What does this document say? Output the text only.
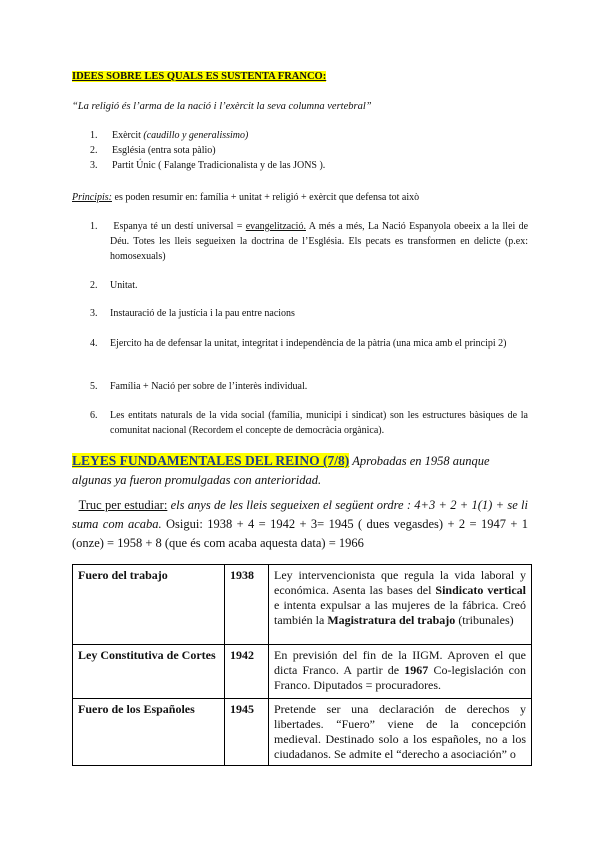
IDEES SOBRE LES QUALS ES SUSTENTA FRANCO:
“La religió és l’arma de la nació i l’exèrcit la seva columna vertebral”
1. Exèrcit (caudillo y generalissimo)
2. Església (entra sota pàlio)
3. Partit Únic ( Falange Tradicionalista y de las JONS ).
Principis: es poden resumir en: família + unitat + religió + exèrcit que defensa tot això
1.	Espanya té un destí universal = evangelització. A més a més, La Nació Espanyola obeeix a la llei de Déu. Totes les lleis segueixen la doctrina de l’Església. Els pecats es transformen en delicte (p.ex: homosexuals)
2. Unitat.
3. Instauració de la justícia i la pau entre nacions
4. Ejercito ha de defensar la unitat, integritat i independència de la pàtria (una mica amb el principi 2)
5. Família + Nació per sobre de l’interès individual.
6. Les entitats naturals de la vida social (família, municipi i sindicat) son les estructures bàsiques de la comunitat nacional (Recordem el concepte de democràcia orgànica).
LEYES FUNDAMENTALES DEL REINO (7/8) Aprobadas en 1958 aunque algunas ya fueron promulgadas con anterioridad.
Truc per estudiar: els anys de les lleis segueixen el següent ordre : 4+3 + 2 + 1(1) + se li suma com acaba. Osigui: 1938 + 4 = 1942 + 3= 1945 ( dues vegasdes) + 2 = 1947 + 1 (onze) = 1958 + 8 (que és com acaba aquesta data) = 1966
Fuero del trabajo	1938	Ley intervencionista que regula la vida laboral y económica. Asenta las bases del Sindicato vertical e intenta expulsar a las mujeres de la fábrica. Creó también la Magistratura del trabajo (tribunales)
Ley Constitutiva de Cortes	1942	En previsión del fin de la IIGM. Aproven el que dicta Franco. A partir de 1967 Co-legislación con Franco. Diputados = procuradores.
Fuero de los Españoles	1945	Pretende ser una declaración de derechos y libertades. “Fuero” viene de la concepción medieval. Destinado solo a los españoles, no a los ciudadanos. Se admite el “derecho a asociación” o
